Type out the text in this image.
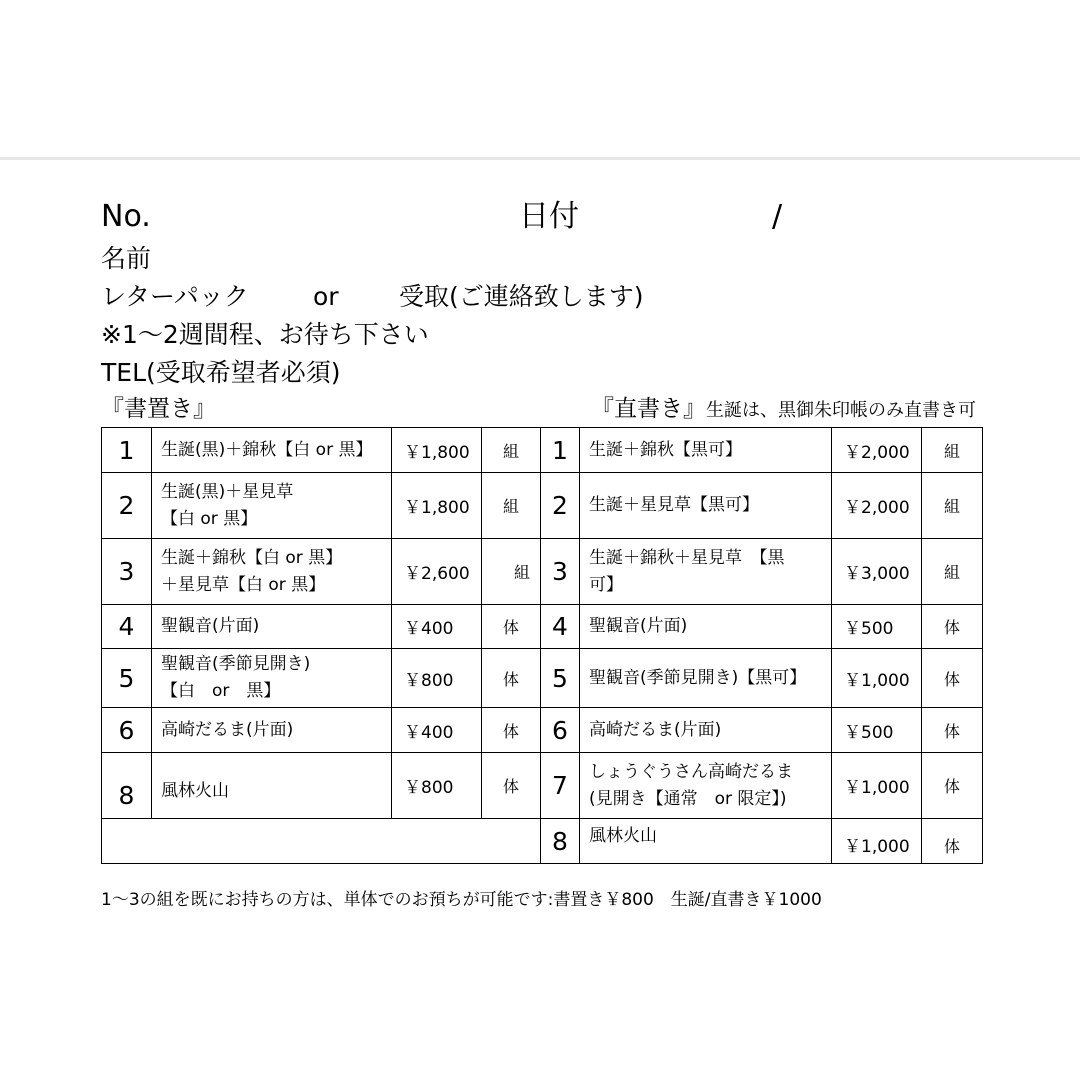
No.	日付	/
名前
レターパック	or 受取(ご連絡致します)
※1～2週間程、お待ち下さい
TEL(受取希望者必須)
『書置き』	『直書き』生誕は、黒御朱印帳のみ直書き可
1	生誕(黒)＋錦秋【白 or 黒】	￥1,800	組
2	生誕(黒)＋星見草
【白 or 黒】	￥1,800	組
3	生誕＋錦秋【白 or 黒】
＋星見草【白 or 黒】	￥2,600	組
4	聖観音(片面)	￥400	体
5	聖観音(季節見開き)
【白　or　黒】	￥800	体
6	高崎だるま(片面)	￥400	体
8	風林火山	￥800	体

1	生誕＋錦秋【黒可】	￥2,000	組
2	生誕＋星見草【黒可】	￥2,000	組
3	生誕＋錦秋＋星見草　【黒
可】	￥3,000	組
4	聖観音(片面)	￥500	体
5	聖観音(季節見開き)【黒可】	￥1,000	体
6	高崎だるま(片面)	￥500	体
7	しょうぐうさん高崎だるま
(見開き【通常　or 限定】)	￥1,000	体
8	風林火山	￥1,000	体
1～3の組を既にお持ちの方は、単体でのお預ちが可能です:書置き￥800　生誕/直書き￥1000
